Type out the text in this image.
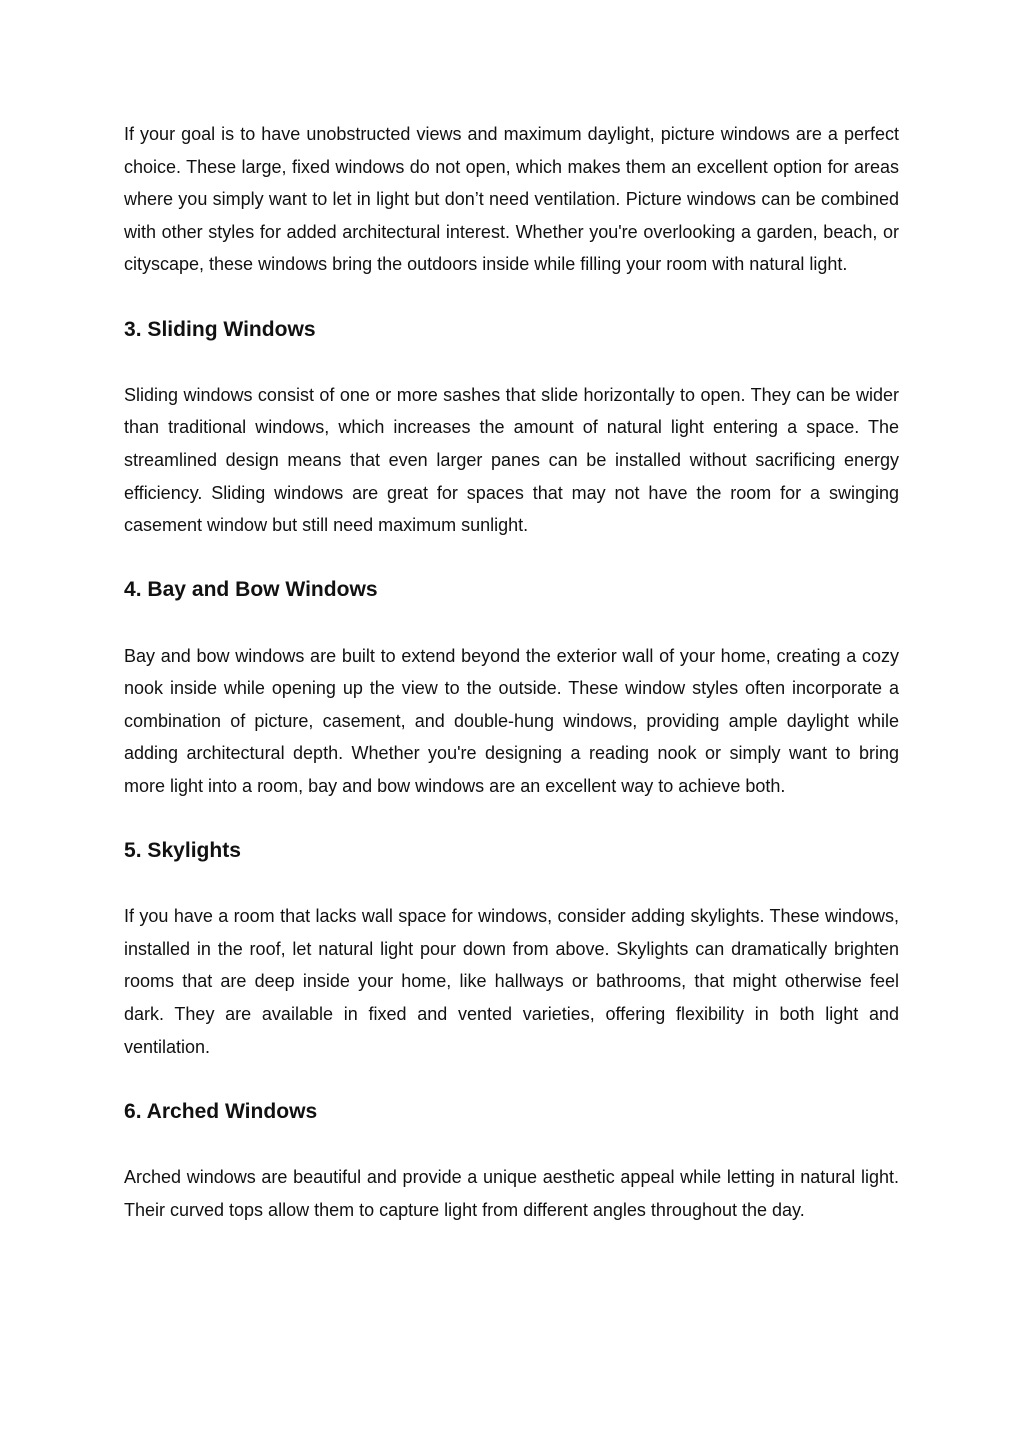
If your goal is to have unobstructed views and maximum daylight, picture windows are a perfect choice. These large, fixed windows do not open, which makes them an excellent option for areas where you simply want to let in light but don’t need ventilation. Picture windows can be combined with other styles for added architectural interest. Whether you're overlooking a garden, beach, or cityscape, these windows bring the outdoors inside while filling your room with natural light.

3. Sliding Windows

Sliding windows consist of one or more sashes that slide horizontally to open. They can be wider than traditional windows, which increases the amount of natural light entering a space. The streamlined design means that even larger panes can be installed without sacrificing energy efficiency. Sliding windows are great for spaces that may not have the room for a swinging casement window but still need maximum sunlight.

4. Bay and Bow Windows

Bay and bow windows are built to extend beyond the exterior wall of your home, creating a cozy nook inside while opening up the view to the outside. These window styles often incorporate a combination of picture, casement, and double-hung windows, providing ample daylight while adding architectural depth. Whether you're designing a reading nook or simply want to bring more light into a room, bay and bow windows are an excellent way to achieve both.

5. Skylights

If you have a room that lacks wall space for windows, consider adding skylights. These windows, installed in the roof, let natural light pour down from above. Skylights can dramatically brighten rooms that are deep inside your home, like hallways or bathrooms, that might otherwise feel dark. They are available in fixed and vented varieties, offering flexibility in both light and ventilation.

6. Arched Windows

Arched windows are beautiful and provide a unique aesthetic appeal while letting in natural light. Their curved tops allow them to capture light from different angles throughout the day.
